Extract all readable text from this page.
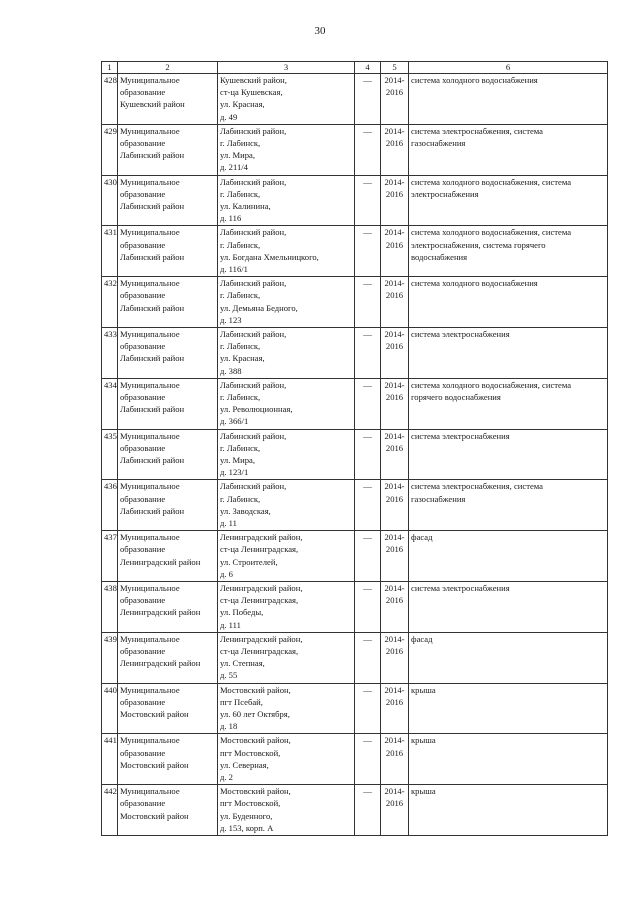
30
1	2	3	4	5	6
428	Муниципальное
образование
Кушевский район	Кушевский район,
ст-ца Кушевская,
ул. Красная,
д. 49	—	2014- 2016	система холодного водоснабжения
429	Муниципальное
образование
Лабинский район	Лабинский район,
г. Лабинск,
ул. Мира,
д. 211/4	—	2014- 2016	система электроснабжения, система
газоснабжения
430	Муниципальное
образование
Лабинский район	Лабинский район,
г. Лабинск,
ул. Калинина,
д. 116	—	2014- 2016	система холодного водоснабжения, система
электроснабжения
431	Муниципальное
образование
Лабинский район	Лабинский район,
г. Лабинск,
ул. Богдана Хмельницкого,
д. 116/1	—	2014- 2016	система холодного водоснабжения, система
электроснабжения, система горячего
водоснабжения
432	Муниципальное
образование
Лабинский район	Лабинский район,
г. Лабинск,
ул. Демьяна Бедного,
д. 123	—	2014- 2016	система холодного водоснабжения
433	Муниципальное
образование
Лабинский район	Лабинский район,
г. Лабинск,
ул. Красная,
д. 388	—	2014- 2016	система электроснабжения
434	Муниципальное
образование
Лабинский район	Лабинский район,
г. Лабинск,
ул. Революционная,
д. 366/1	—	2014- 2016	система холодного водоснабжения, система
горячего водоснабжения
435	Муниципальное
образование
Лабинский район	Лабинский район,
г. Лабинск,
ул. Мира,
д. 123/1	—	2014- 2016	система электроснабжения
436	Муниципальное
образование
Лабинский район	Лабинский район,
г. Лабинск,
ул. Заводская,
д. 11	—	2014- 2016	система электроснабжения, система
газоснабжения
437	Муниципальное
образование
Ленинградский район	Ленинградский район,
ст-ца Ленинградская,
ул. Строителей,
д. 6	—	2014- 2016	фасад
438	Муниципальное
образование
Ленинградский район	Ленинградский район,
ст-ца Ленинградская,
ул. Победы,
д. 111	—	2014- 2016	система электроснабжения
439	Муниципальное
образование
Ленинградский район	Ленинградский район,
ст-ца Ленинградская,
ул. Степная,
д. 55	—	2014- 2016	фасад
440	Муниципальное
образование
Мостовский район	Мостовский район,
пгт Псебай,
ул. 60 лет Октября,
д. 18	—	2014- 2016	крыша
441	Муниципальное
образование
Мостовский район	Мостовский район,
пгт Мостовской,
ул. Северная,
д. 2	—	2014- 2016	крыша
442	Муниципальное
образование
Мостовский район	Мостовский район,
пгт Мостовской,
ул. Буденного,
д. 153, корп. А	—	2014- 2016	крыша
